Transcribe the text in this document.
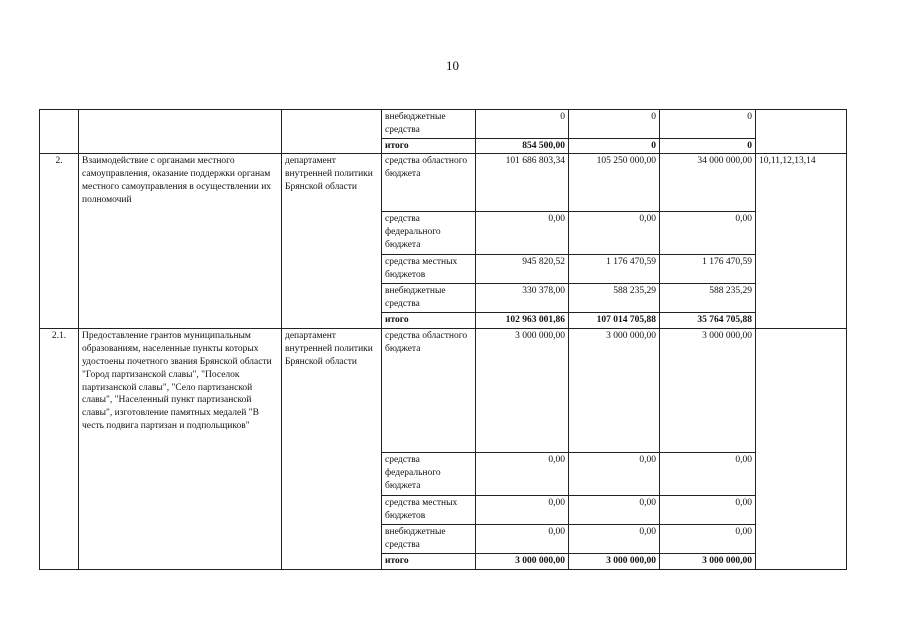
10
			внебюджетные средства	0	0	0	
			итого	854 500,00	0	0	
2.	Взаимодействие с органами местного самоуправления, оказание поддержки органам местного самоуправления в осуществлении их полномочий	департамент внутренней политики Брянской области	средства областного бюджета	101 686 803,34	105 250 000,00	34 000 000,00	10,11,12,13,14
			средства федерального бюджета	0,00	0,00	0,00	
			средства местных бюджетов	945 820,52	1 176 470,59	1 176 470,59	
			внебюджетные средства	330 378,00	588 235,29	588 235,29	
			итого	102 963 001,86	107 014 705,88	35 764 705,88	
2.1.	Предоставление грантов муниципальным образованиям, населенные пункты которых удостоены почетного звания Брянской области "Город партизанской славы", "Поселок партизанской славы", "Село партизанской славы", "Населенный пункт партизанской славы", изготовление памятных медалей "В честь подвига партизан и подпольщиков"	департамент внутренней политики Брянской области	средства областного бюджета	3 000 000,00	3 000 000,00	3 000 000,00	
			средства федерального бюджета	0,00	0,00	0,00	
			средства местных бюджетов	0,00	0,00	0,00	
			внебюджетные средства	0,00	0,00	0,00	
			итого	3 000 000,00	3 000 000,00	3 000 000,00	
